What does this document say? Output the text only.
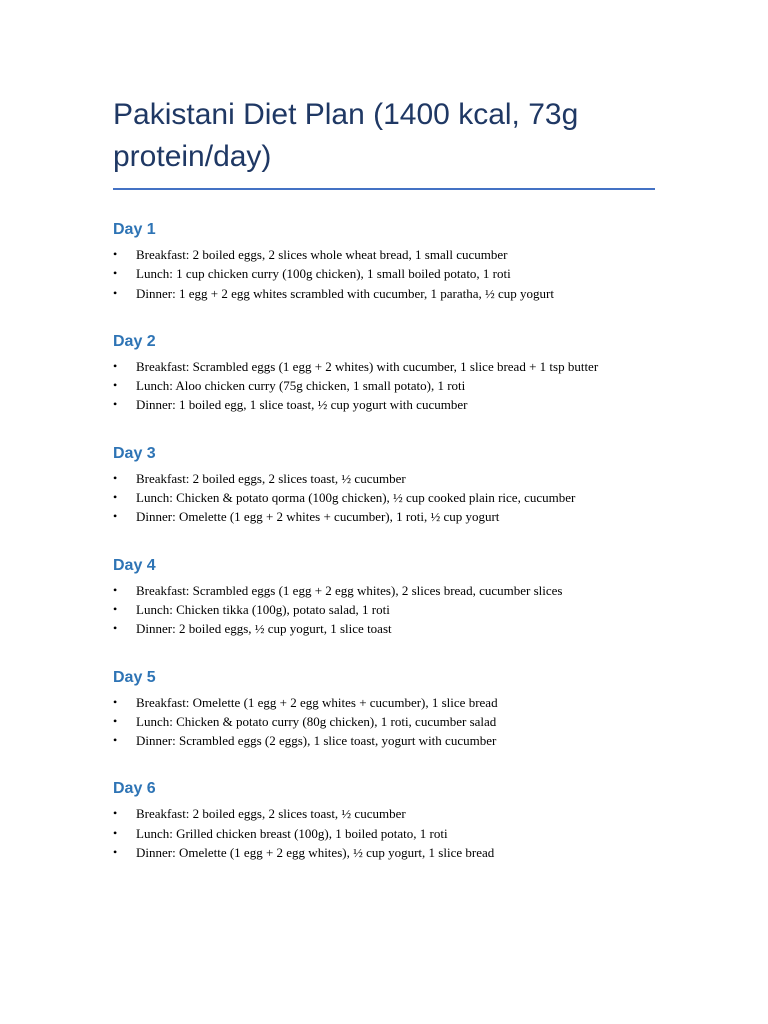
Pakistani Diet Plan (1400 kcal, 73g protein/day)
Day 1
• Breakfast: 2 boiled eggs, 2 slices whole wheat bread, 1 small cucumber
• Lunch: 1 cup chicken curry (100g chicken), 1 small boiled potato, 1 roti
• Dinner: 1 egg + 2 egg whites scrambled with cucumber, 1 paratha, ½ cup yogurt
Day 2
• Breakfast: Scrambled eggs (1 egg + 2 whites) with cucumber, 1 slice bread + 1 tsp butter
• Lunch: Aloo chicken curry (75g chicken, 1 small potato), 1 roti
• Dinner: 1 boiled egg, 1 slice toast, ½ cup yogurt with cucumber
Day 3
• Breakfast: 2 boiled eggs, 2 slices toast, ½ cucumber
• Lunch: Chicken & potato qorma (100g chicken), ½ cup cooked plain rice, cucumber
• Dinner: Omelette (1 egg + 2 whites + cucumber), 1 roti, ½ cup yogurt
Day 4
• Breakfast: Scrambled eggs (1 egg + 2 egg whites), 2 slices bread, cucumber slices
• Lunch: Chicken tikka (100g), potato salad, 1 roti
• Dinner: 2 boiled eggs, ½ cup yogurt, 1 slice toast
Day 5
• Breakfast: Omelette (1 egg + 2 egg whites + cucumber), 1 slice bread
• Lunch: Chicken & potato curry (80g chicken), 1 roti, cucumber salad
• Dinner: Scrambled eggs (2 eggs), 1 slice toast, yogurt with cucumber
Day 6
• Breakfast: 2 boiled eggs, 2 slices toast, ½ cucumber
• Lunch: Grilled chicken breast (100g), 1 boiled potato, 1 roti
• Dinner: Omelette (1 egg + 2 egg whites), ½ cup yogurt, 1 slice bread
